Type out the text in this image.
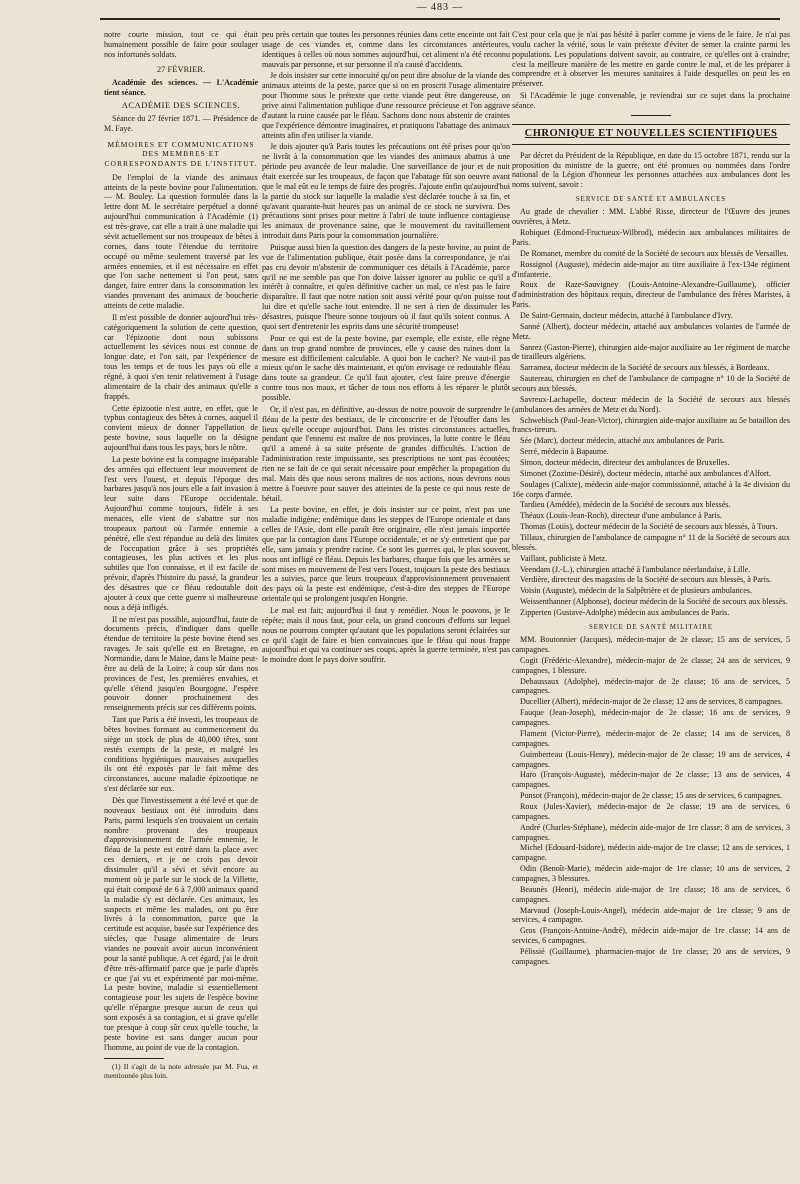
— 483 —

notre courte mission, tout ce qui était humainement possible de faire pour soulager nos infortunés soldats.

27 FÉVRIER.

Académie des sciences. — L'Académie tient séance.

ACADÉMIE DES SCIENCES.

Séance du 27 février 1871. — Présidence de M. Faye.

MÉMOIRES ET COMMUNICATIONS DES MEMBRES ET CORRESPONDANTS DE L'INSTITUT.

De l'emploi de la viande des animaux atteints de la peste bovine pour l'alimentation. — M. Bouley. La question formulée dans la lettre dont M. le secrétaire perpétuel a donné aujourd'hui communication à l'Académie (1) est très-grave, car elle a trait à une maladie qui sévit actuellement sur nos troupeaux de bêtes à cornes, dans toute l'étendue du territoire occupé ou même seulement traversé par les armées ennemies, et il est nécessaire en effet que l'on sache nettement si l'on peut, sans danger, faire entrer dans la consommation les viandes provenant des animaux de boucherie atteints de cette maladie.

Il m'est possible de donner aujourd'hui très-catégoriquement la solution de cette question, car l'épizootie dont nous subissons actuellement les sévices nous est connue de longue date, et l'on sait, par l'expérience de tous les temps et de tous les pays où elle a régné, à quoi s'en tenir relativement à l'usage alimentaire de la chair des animaux qu'elle a frappés.

Cette épizootie n'est autre, en effet, que le typhus contagieux des bêtes à cornes, auquel il convient mieux de donner l'appellation de peste bovine, sous laquelle on la désigne aujourd'hui dans tous les pays, hors le nôtre.

La peste bovine est la compagne inséparable des armées qui effectuent leur mouvement de l'est vers l'ouest, et depuis l'époque des barbares jusqu'à nos jours elle a fait invasion à leur suite dans l'Europe occidentale. Aujourd'hui comme toujours, fidèle à ses menaces, elle vient de s'abattre sur nos troupeaux partout où l'armée ennemie a pénétré, elle s'est répandue au delà des limites de l'occupation grâce à ses propriétés contagieuses, les plus actives et les plus subtiles que l'on connaisse, et il est facile de prévoir, d'après l'histoire du passé, la grandeur des désastres que ce fléau redoutable doit ajouter à ceux que cette guerre si malheureuse nous a déjà infligés.

Il ne m'est pas possible, aujourd'hui, faute de documents précis, d'indiquer dans quelle étendue de territoire la peste bovine étend ses ravages. Je sais qu'elle est en Bretagne, en Normandie, dans le Maine, dans le Maine peut-être au delà de la Loire; à coup sûr dans nos provinces de l'est, les premières envahies, et qu'elle s'étend jusqu'en Bourgogne. J'espère pouvoir donner prochainement des renseignements précis sur ces différents points.

Tant que Paris a été investi, les troupeaux de bêtes bovines formant au commencement du siège un stock de plus de 40,000 têtes, sont restés exempts de la peste, et malgré les conditions hygiéniques mauvaises auxquelles ils ont été exposés par le fait même des circonstances, aucune maladie épizootique ne s'est déclarée sur eux.

Dès que l'investissement a été levé et que de nouveaux bestiaux ont été introduits dans Paris, parmi lesquels s'en trouvaient un certain nombre provenant des troupeaux d'approvisionnement de l'armée ennemie, le fléau de la peste est entré dans la place avec ces derniers, et je ne crois pas devoir dissimuler qu'il a sévi et sévit encore au moment où je parle sur le stock de la Villette, qui était composé de 6 à 7,000 animaux quand la maladie s'y est déclarée. Ces animaux, les suspects et même les malades, ont pu être livrés à la consommation, parce que la certitude est acquise, basée sur l'expérience des siècles, que l'usage alimentaire de leurs viandes ne pouvait avoir aucun inconvénient pour la santé publique. A cet égard, j'ai le droit d'être très-affirmatif parce que je parle d'après ce que j'ai vu et expérimenté par moi-même. La peste bovine, maladie si essentiellement contagieuse pour les sujets de l'espèce bovine qu'elle n'épargne presque aucun de ceux qui sont exposés à sa contagion, et si grave qu'elle tue presque à coup sûr ceux qu'elle touche, la peste bovine est sans danger aucun pour l'homme, au point de vue de la contagion.

(1) Il s'agit de la note adressée par M. Fua, et mentionnée plus loin.

peu près certain que toutes les personnes réunies dans cette enceinte ont fait usage de ces viandes et, comme dans les circonstances antérieures, identiques à celles où nous sommes aujourd'hui, cet aliment n'a été reconnu mauvais par personne, et sur personne il n'a causé d'accidents.

Je dois insister sur cette innocuité qu'on peut dire absolue de la viande des animaux atteints de la peste, parce que si on en proscrit l'usage alimentaire pour l'homme sous le prétexte que cette viande peut être dangereuse, on prive ainsi l'alimentation publique d'une ressource précieuse et l'on aggrave d'autant la ruine causée par le fléau. Sachons donc nous abstenir de craintes que l'expérience démontre imaginaires, et pratiquons l'abattage des animaux atteints afin d'en utiliser la viande.

Je dois ajouter qu'à Paris toutes les précautions ont été prises pour qu'on ne livrât à la consommation que les viandes des animaux abattus à une période peu avancée de leur maladie. Une surveillance de jour et de nuit était exercée sur les troupeaux, de façon que l'abatage fût son oeuvre avant que le mal eût eu le temps de faire des progrès. J'ajoute enfin qu'aujourd'hui la partie du stock sur laquelle la maladie s'est déclarée touche à sa fin, et qu'avant quarante-huit heures pas un animal de ce stock ne survivra. Des précautions sont prises pour mettre à l'abri de toute influence contagieuse les animaux de provenance saine, que le mouvement du ravitaillement introduit dans Paris pour la consommation journalière.

Puisque aussi bien la question des dangers de la peste bovine, au point de vue de l'alimentation publique, était posée dans la correspondance, je n'ai pas cru devoir m'abstenir de communiquer ces détails à l'Académie, parce qu'il ne me semble pas que l'on doive laisser ignorer au public ce qu'il a intérêt à connaître, et qu'en définitive cacher un mal, ce n'est pas le faire disparaître. Il faut que notre nation soit aussi vérité pour qu'on puisse tout lui dire et qu'elle sache tout entendre. Il ne sert à rien de dissimuler les désastres, puisque l'heure sonne toujours où il faut qu'ils soient connus. A quoi sert d'entretenir les esprits dans une sécurité trompeuse!

Pour ce qui est de la peste bovine, par exemple, elle existe, elle règne dans un trop grand nombre de provinces, elle y cause des ruines dont la mesure est difficilement calculable. A quoi bon le cacher? Ne vaut-il pas mieux qu'on le sache dès maintenant, et qu'on envisage ce redoutable fléau dans toute sa grandeur. Ce qu'il faut ajouter, c'est faire preuve d'énergie contre tous nos maux, et tâcher de tous nos efforts à les réparer le plutôt possible.

Or, il n'est pas, en définitive, au-dessus de notre pouvoir de surprendre le fléau de la peste des bestiaux, de le circonscrire et de l'étouffer dans les lieux qu'elle occupe aujourd'hui. Dans les tristes circonstances actuelles, pendant que l'ennemi est maître de nos provinces, la lutte contre le fléau qu'il a amené à sa suite présente de grandes difficultés. L'action de l'administration reste impuissante, ses prescriptions ne sont pas écoutées; rien ne se fait de ce qui serait nécessaire pour empêcher la propagation du mal. Mais dès que nous serons maîtres de nos actions, nous devrons nous mettre à l'oeuvre pour sauver des atteintes de la peste ce qui nous reste de bétail.

La peste bovine, en effet, je dois insister sur ce point, n'est pas une maladie indigène; endémique dans les steppes de l'Europe orientale et dans celles de l'Asie, dont elle paraît être originaire, elle n'est jamais importée que par la contagion dans l'Europe occidentale, et ne s'y entretient que par elle, sans jamais y prendre racine. Ce sont les guerres qui, le plus souvent, nous ont infligé ce fléau. Depuis les barbares, chaque fois que les armées se sont mises en mouvement de l'est vers l'ouest, toujours la peste des bestiaux les a suivies, parce que leurs troupeaux d'approvisionnement provenaient des pays où la peste est endémique, c'est-à-dire des steppes de l'Europe orientale qui se prolongent jusqu'en Hongrie.

Le mal est fait; aujourd'hui il faut y remédier. Nous le pouvons, je le répète; mais il nous faut, pour cela, un grand concours d'efforts sur lequel nous ne pourrons compter qu'autant que les populations seront éclairées sur ce qu'il s'agit de faire et bien convaincues que le fléau qui nous frappe aujourd'hui et qui va continuer ses coups, après la guerre terminée, n'est pas le moindre dont le pays doive souffrir.

C'est pour cela que je n'ai pas hésité à parler comme je viens de le faire. Je n'ai pas voulu cacher la vérité, sous le vain prétexte d'éviter de semer la crainte parmi les populations. Les populations doivent savoir, au contraire, ce qu'elles ont à craindre; c'est la meilleure manière de les mettre en garde contre le mal, et de les préparer à comprendre et à observer les mesures sanitaires à l'aide desquelles on peut les en préserver.

Si l'Académie le juge convenable, je reviendrai sur ce sujet dans la prochaine séance.

CHRONIQUE ET NOUVELLES SCIENTIFIQUES

Par décret du Président de la République, en date du 15 octobre 1871, rendu sur la proposition du ministre de la guerre, ont été promues ou nommées dans l'ordre national de la Légion d'honneur les personnes attachées aux ambulances dont les noms suivent, savoir :

SERVICE DE SANTÉ ET AMBULANCES

Au grade de chevalier : MM. L'abbé Risse, directeur de l'Œuvre des jeunes ouvrières, à Metz.

Robiquet (Edmond-Fructueux-Wilbrod), médecin aux ambulances militaires de Paris.

De Romanet, membre du comité de la Société de secours aux blessés de Versailles.

Rossignol (Auguste), médecin aide-major au titre auxiliaire à l'ex-134e régiment d'infanterie.

Roux de Raze-Sauvigney (Louis-Antoine-Alexandre-Guillaume), officier d'administration des hôpitaux requis, directeur de l'ambulance des frères Maristes, à Paris.

De Saint-Germain, docteur médecin, attaché à l'ambulance d'Ivry.

Sanné (Albert), docteur médecin, attaché aux ambulances volantes de l'armée de Metz.

Sanrez (Gaston-Pierre), chirurgien aide-major auxiliaire au 1er régiment de marche de tirailleurs algériens.

Sarramea, docteur médecin de la Société de secours aux blessés, à Bordeaux.

Sautereau, chirurgien en chef de l'ambulance de campagne n° 10 de la Société de secours aux blessés.

Savreux-Lachapelle, docteur médecin de la Société de secours aux blessés (ambulances des armées de Metz et du Nord).

Schwebisch (Paul-Jean-Victor), chirurgien aide-major auxiliaire au 5e bataillon des francs-tireurs.

Sée (Marc), docteur médecin, attaché aux ambulances de Paris.

Serré, médecin à Bapaume.

Simon, docteur médecin, directeur des ambulances de Bruxelles.

Simonet (Zozime-Désiré), docteur médecin, attaché aux ambulances d'Alfort.

Soulages (Calixte), médecin aide-major commissionné, attaché à la 4e division du 16e corps d'armée.

Tardieu (Amédée), médecin de la Société de secours aux blessés.

Théaux (Louis-Jean-Roch), directeur d'une ambulance à Paris.

Thomas (Louis), docteur médecin de la Société de secours aux blessés, à Tours.

Tillaux, chirurgien de l'ambulance de campagne n° 11 de la Société de secours aux blessés.

Vaillant, publiciste à Metz.

Veendam (J.-L.), chirurgien attaché à l'ambulance néerlandaise, à Lille.

Verdière, directeur des magasins de la Société de secours aux blessés, à Paris.

Voisin (Auguste), médecin de la Salpêtrière et de plusieurs ambulances.

Weissenthanner (Alphonse), docteur médecin de la Société de secours aux blessés.

Zipperten (Gustave-Adolphe) médecin aux ambulances de Paris.

SERVICE DE SANTÉ MILITAIRE

MM. Boutonnier (Jacques), médecin-major de 2e classe; 15 ans de services, 5 campagnes.

Cogit (Frédéric-Alexandre), médecin-major de 2e classe; 24 ans de services, 9 campagnes, 1 blessure.

Debaussaux (Adolphe), médecin-major de 2e classe; 16 ans de services, 5 campagnes.

Ducellier (Albert), médecin-major de 2e classe; 12 ans de services, 8 campagnes.

Fauque (Jean-Joseph), médecin-major de 2e classe; 16 ans de services, 9 campagnes.

Flament (Victor-Pierre), médecin-major de 2e classe; 14 ans de services, 8 campagnes.

Guimberteau (Louis-Henry), médecin-major de 2e classe; 19 ans de services, 4 campagnes.

Haro (François-Auguste), médecin-major de 2e classe; 13 ans de services, 4 campagnes.

Ponsot (François), médecin-major de 2e classe; 15 ans de services, 6 campagnes.

Roux (Jules-Xavier), médecin-major de 2e classe; 19 ans de services, 6 campagnes.

André (Charles-Stéphane), médecin aide-major de 1re classe; 8 ans de services, 3 campagnes.

Michel (Edouard-Isidore), médecin aide-major de 1re classe; 12 ans de services, 1 campagne.

Odin (Benoît-Marie), médecin aide-major de 1re classe; 10 ans de services, 2 campagnes, 3 blessures.

Beaunès (Henri), médecin aide-major de 1re classe; 18 ans de services, 6 campagnes.

Marvaud (Joseph-Louis-Angel), médecin aide-major de 1re classe; 9 ans de services, 4 campagne.

Gros (François-Antoine-André), médecin aide-major de 1re classe; 14 ans de services, 6 campagnes.

Pélissié (Guillaume), pharmacien-major de 1re classe; 20 ans de services, 9 campagnes.
